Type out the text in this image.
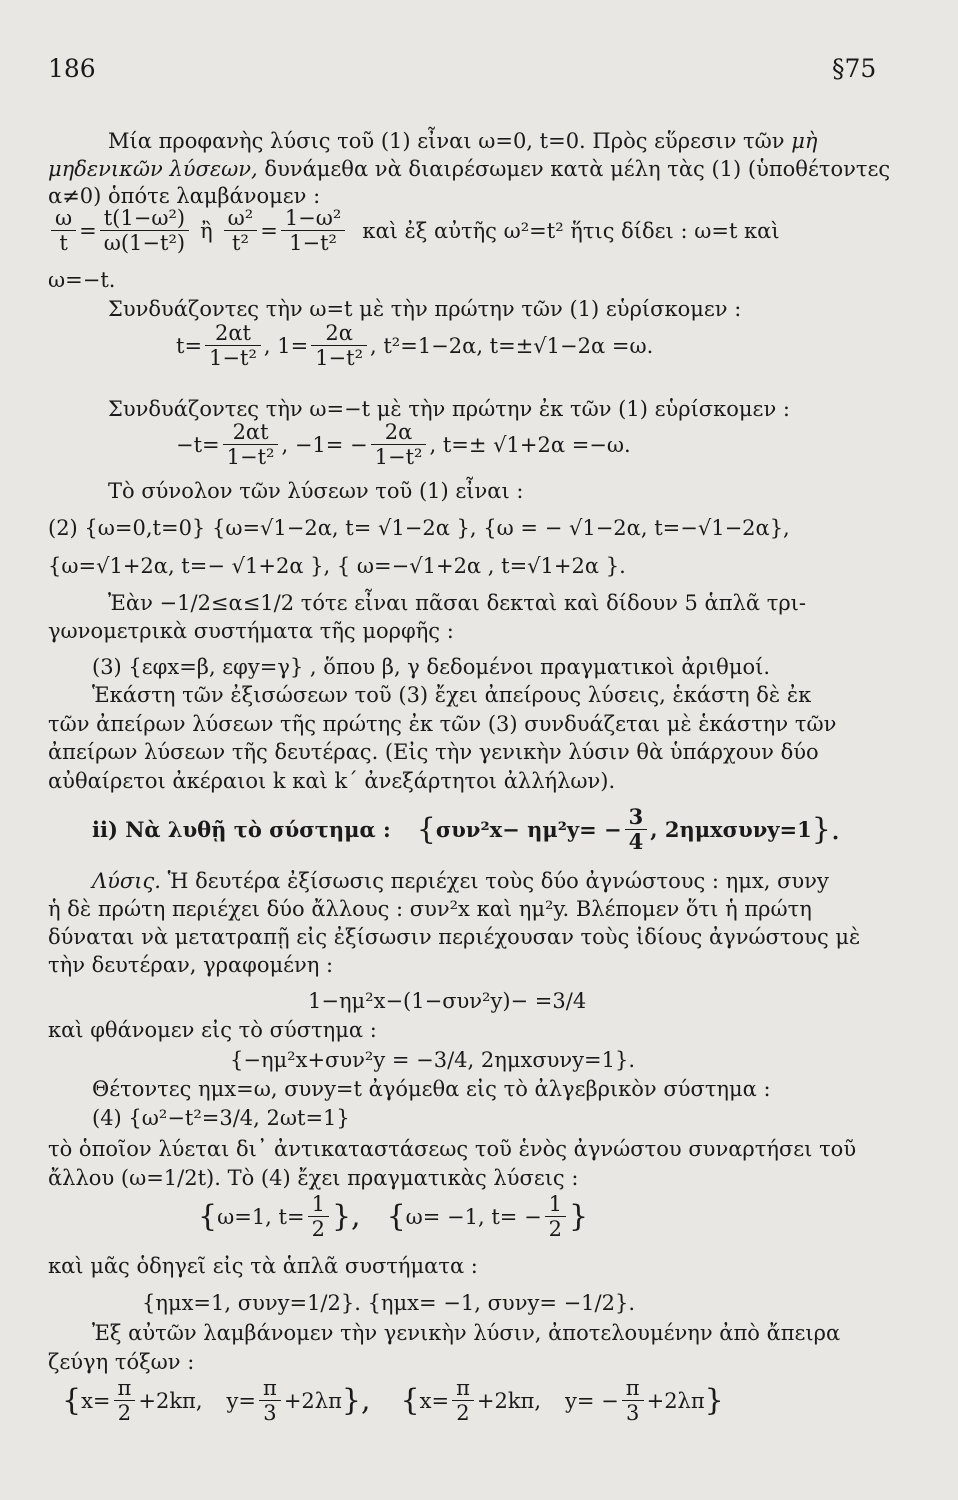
186	§75
Μία προφανὴς λύσις τοῦ (1) εἶναι ω=0, t=0. Πρὸς εὕρεσιν τῶν μὴ
μηδενικῶν λύσεων, δυνάμεθα νὰ διαιρέσωμεν κατὰ μέλη τὰς (1) (ὑποθέτοντες
α≠0) ὁπότε λαμβάνομεν :
$\frac{\omega}{t} = \frac{\text{t(1−ω²)}}{\text{ω(1−t²)}}$ ἢ $\frac{\text{ω²}}{\text{t²}} = \frac{\text{1−ω²}}{\text{1−t²}}$ καὶ ἐξ αὐτῆς ω²=t² ἥτις δίδει : ω=t καὶ
ω=−t.
Συνδυάζοντες τὴν ω=t μὲ τὴν πρώτην τῶν (1) εὑρίσκομεν :
$t= \frac{2\alpha t}{\text{1−t²}}$ , $1= \frac{2\alpha}{\text{1−t²}}$ , t²=1−2α, t=±√1−2α =ω.
Συνδυάζοντες τὴν ω=−t μὲ τὴν πρώτην ἐκ τῶν (1) εὑρίσκομεν :
$-t= \frac{2\alpha t}{\text{1−t²}}$ , $-1= - \frac{2\alpha}{\text{1−t²}}$ , t=± √1+2α =−ω.
Τὸ σύνολον τῶν λύσεων τοῦ (1) εἶναι :
(2) {ω=0,t=0} {ω=√1−2α, t= √1−2α }, {ω = − √1−2α, t=−√1−2α},
{ω=√1+2α, t=− √1+2α }, { ω=−√1+2α , t=√1+2α }.
Ἐὰν −1/2≤α≤1/2 τότε εἶναι πᾶσαι δεκταὶ καὶ δίδουν 5 ἁπλᾶ τρι-
γωνομετρικὰ συστήματα τῆς μορφῆς :
(3) {εφx=β, εφy=γ} , ὅπου β, γ δεδομένοι πραγματικοὶ ἀριθμοί.
Ἑκάστη τῶν ἐξισώσεων τοῦ (3) ἔχει ἀπείρους λύσεις, ἑκάστη δὲ ἐκ
τῶν ἀπείρων λύσεων τῆς πρώτης ἐκ τῶν (3) συνδυάζεται μὲ ἑκάστην τῶν
ἀπείρων λύσεων τῆς δευτέρας. (Εἰς τὴν γενικὴν λύσιν θὰ ὑπάρχουν δύο
αὐθαίρετοι ἀκέραιοι k καὶ k΄ ἀνεξάρτητοι ἀλλήλων).
ii) Νὰ λυθῇ τὸ σύστημα : { $\sigma\upsilon\nu^2x- \eta\mu^2y= - \frac{3}{4}$ , 2ημxσυνy=1 }.
Λύσις. Ἡ δευτέρα ἐξίσωσις περιέχει τοὺς δύο ἀγνώστους : ημx, συνy
ἡ δὲ πρώτη περιέχει δύο ἄλλους : συν²x καὶ ημ²y. Βλέπομεν ὅτι ἡ πρώτη
δύναται νὰ μετατραπῇ εἰς ἐξίσωσιν περιέχουσαν τοὺς ἰδίους ἀγνώστους μὲ
τὴν δευτέραν, γραφομένη :
1−ημ²x−(1−συν²y)− =3/4
καὶ φθάνομεν εἰς τὸ σύστημα :
{−ημ²x+συν²y = −3/4, 2ημxσυνy=1}.
Θέτοντες ημx=ω, συνy=t ἀγόμεθα εἰς τὸ ἀλγεβρικὸν σύστημα :
(4) {ω²−t²=3/4, 2ωt=1}
τὸ ὁποῖον λύεται δι᾽ ἀντικαταστάσεως τοῦ ἑνὸς ἀγνώστου συναρτήσει τοῦ
ἄλλου (ω=1/2t). Τὸ (4) ἔχει πραγματικὰς λύσεις :
{ ω=1, $t= \frac{1}{2}$ }, { ω= −1, $t= - \frac{1}{2}$ }
καὶ μᾶς ὁδηγεῖ εἰς τὰ ἁπλᾶ συστήματα :
{ημx=1, συνy=1/2}. {ημx= −1, συνy= −1/2}.
Ἐξ αὐτῶν λαμβάνομεν τὴν γενικὴν λύσιν, ἀποτελουμένην ἀπὸ ἄπειρα
ζεύγη τόξων :
{ $x= \frac{\pi}{2} +2k\pi$, $y= \frac{\pi}{3} +2\lambda\pi$ }, { $x= \frac{\pi}{2} +2k\pi$, $y= - \frac{\pi}{3} +2\lambda\pi$ }
